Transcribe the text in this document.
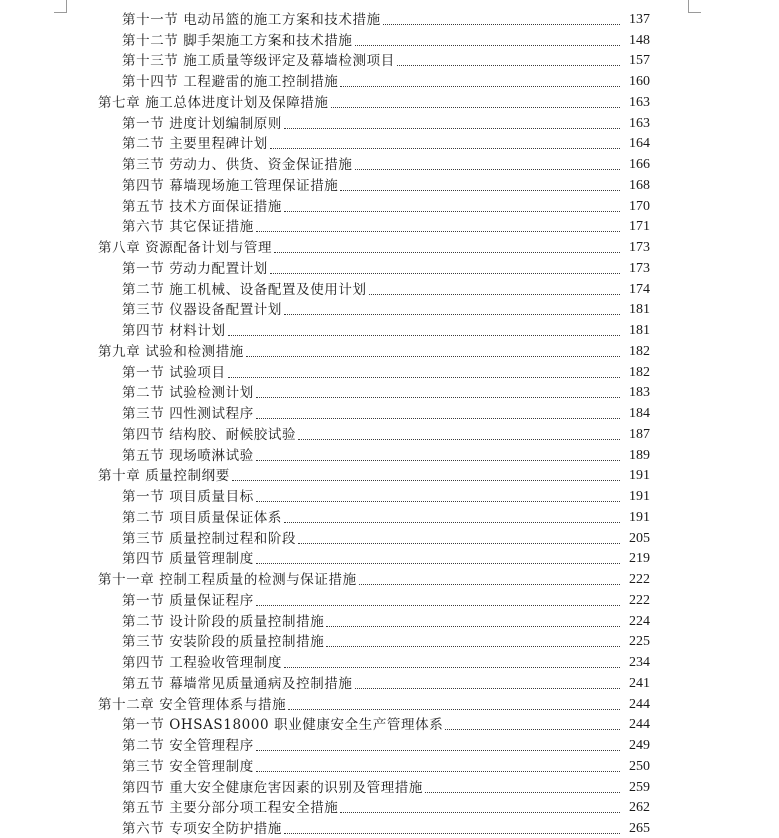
第十一节 电动吊篮的施工方案和技术措施	137
第十二节 脚手架施工方案和技术措施	148
第十三节 施工质量等级评定及幕墙检测项目	157
第十四节 工程避雷的施工控制措施	160
第七章 施工总体进度计划及保障措施	163
第一节 进度计划编制原则	163
第二节 主要里程碑计划	164
第三节 劳动力、供货、资金保证措施	166
第四节 幕墙现场施工管理保证措施	168
第五节 技术方面保证措施	170
第六节 其它保证措施	171
第八章 资源配备计划与管理	173
第一节 劳动力配置计划	173
第二节 施工机械、设备配置及使用计划	174
第三节 仪器设备配置计划	181
第四节 材料计划	181
第九章 试验和检测措施	182
第一节 试验项目	182
第二节 试验检测计划	183
第三节 四性测试程序	184
第四节 结构胶、耐候胶试验	187
第五节 现场喷淋试验	189
第十章 质量控制纲要	191
第一节 项目质量目标	191
第二节 项目质量保证体系	191
第三节 质量控制过程和阶段	205
第四节 质量管理制度	219
第十一章 控制工程质量的检测与保证措施	222
第一节 质量保证程序	222
第二节 设计阶段的质量控制措施	224
第三节 安装阶段的质量控制措施	225
第四节 工程验收管理制度	234
第五节 幕墙常见质量通病及控制措施	241
第十二章 安全管理体系与措施	244
第一节 OHSAS18000 职业健康安全生产管理体系	244
第二节 安全管理程序	249
第三节 安全管理制度	250
第四节 重大安全健康危害因素的识别及管理措施	259
第五节 主要分部分项工程安全措施	262
第六节 专项安全防护措施	265
